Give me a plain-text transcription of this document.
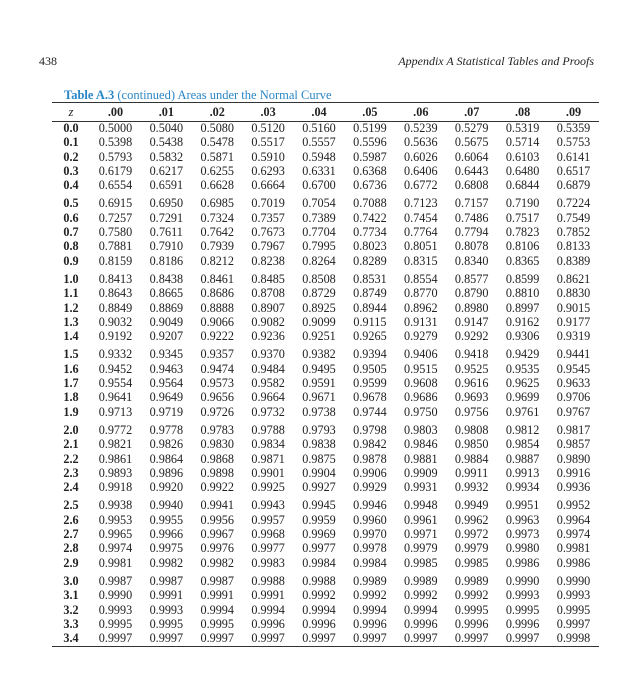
438	Appendix A Statistical Tables and Proofs
Table A.3 (continued) Areas under the Normal Curve
z	.00	.01	.02	.03	.04	.05	.06	.07	.08	.09
0.0	0.5000	0.5040	0.5080	0.5120	0.5160	0.5199	0.5239	0.5279	0.5319	0.5359
0.1	0.5398	0.5438	0.5478	0.5517	0.5557	0.5596	0.5636	0.5675	0.5714	0.5753
0.2	0.5793	0.5832	0.5871	0.5910	0.5948	0.5987	0.6026	0.6064	0.6103	0.6141
0.3	0.6179	0.6217	0.6255	0.6293	0.6331	0.6368	0.6406	0.6443	0.6480	0.6517
0.4	0.6554	0.6591	0.6628	0.6664	0.6700	0.6736	0.6772	0.6808	0.6844	0.6879
0.5	0.6915	0.6950	0.6985	0.7019	0.7054	0.7088	0.7123	0.7157	0.7190	0.7224
0.6	0.7257	0.7291	0.7324	0.7357	0.7389	0.7422	0.7454	0.7486	0.7517	0.7549
0.7	0.7580	0.7611	0.7642	0.7673	0.7704	0.7734	0.7764	0.7794	0.7823	0.7852
0.8	0.7881	0.7910	0.7939	0.7967	0.7995	0.8023	0.8051	0.8078	0.8106	0.8133
0.9	0.8159	0.8186	0.8212	0.8238	0.8264	0.8289	0.8315	0.8340	0.8365	0.8389
1.0	0.8413	0.8438	0.8461	0.8485	0.8508	0.8531	0.8554	0.8577	0.8599	0.8621
1.1	0.8643	0.8665	0.8686	0.8708	0.8729	0.8749	0.8770	0.8790	0.8810	0.8830
1.2	0.8849	0.8869	0.8888	0.8907	0.8925	0.8944	0.8962	0.8980	0.8997	0.9015
1.3	0.9032	0.9049	0.9066	0.9082	0.9099	0.9115	0.9131	0.9147	0.9162	0.9177
1.4	0.9192	0.9207	0.9222	0.9236	0.9251	0.9265	0.9279	0.9292	0.9306	0.9319
1.5	0.9332	0.9345	0.9357	0.9370	0.9382	0.9394	0.9406	0.9418	0.9429	0.9441
1.6	0.9452	0.9463	0.9474	0.9484	0.9495	0.9505	0.9515	0.9525	0.9535	0.9545
1.7	0.9554	0.9564	0.9573	0.9582	0.9591	0.9599	0.9608	0.9616	0.9625	0.9633
1.8	0.9641	0.9649	0.9656	0.9664	0.9671	0.9678	0.9686	0.9693	0.9699	0.9706
1.9	0.9713	0.9719	0.9726	0.9732	0.9738	0.9744	0.9750	0.9756	0.9761	0.9767
2.0	0.9772	0.9778	0.9783	0.9788	0.9793	0.9798	0.9803	0.9808	0.9812	0.9817
2.1	0.9821	0.9826	0.9830	0.9834	0.9838	0.9842	0.9846	0.9850	0.9854	0.9857
2.2	0.9861	0.9864	0.9868	0.9871	0.9875	0.9878	0.9881	0.9884	0.9887	0.9890
2.3	0.9893	0.9896	0.9898	0.9901	0.9904	0.9906	0.9909	0.9911	0.9913	0.9916
2.4	0.9918	0.9920	0.9922	0.9925	0.9927	0.9929	0.9931	0.9932	0.9934	0.9936
2.5	0.9938	0.9940	0.9941	0.9943	0.9945	0.9946	0.9948	0.9949	0.9951	0.9952
2.6	0.9953	0.9955	0.9956	0.9957	0.9959	0.9960	0.9961	0.9962	0.9963	0.9964
2.7	0.9965	0.9966	0.9967	0.9968	0.9969	0.9970	0.9971	0.9972	0.9973	0.9974
2.8	0.9974	0.9975	0.9976	0.9977	0.9977	0.9978	0.9979	0.9979	0.9980	0.9981
2.9	0.9981	0.9982	0.9982	0.9983	0.9984	0.9984	0.9985	0.9985	0.9986	0.9986
3.0	0.9987	0.9987	0.9987	0.9988	0.9988	0.9989	0.9989	0.9989	0.9990	0.9990
3.1	0.9990	0.9991	0.9991	0.9991	0.9992	0.9992	0.9992	0.9992	0.9993	0.9993
3.2	0.9993	0.9993	0.9994	0.9994	0.9994	0.9994	0.9994	0.9995	0.9995	0.9995
3.3	0.9995	0.9995	0.9995	0.9996	0.9996	0.9996	0.9996	0.9996	0.9996	0.9997
3.4	0.9997	0.9997	0.9997	0.9997	0.9997	0.9997	0.9997	0.9997	0.9997	0.9998
